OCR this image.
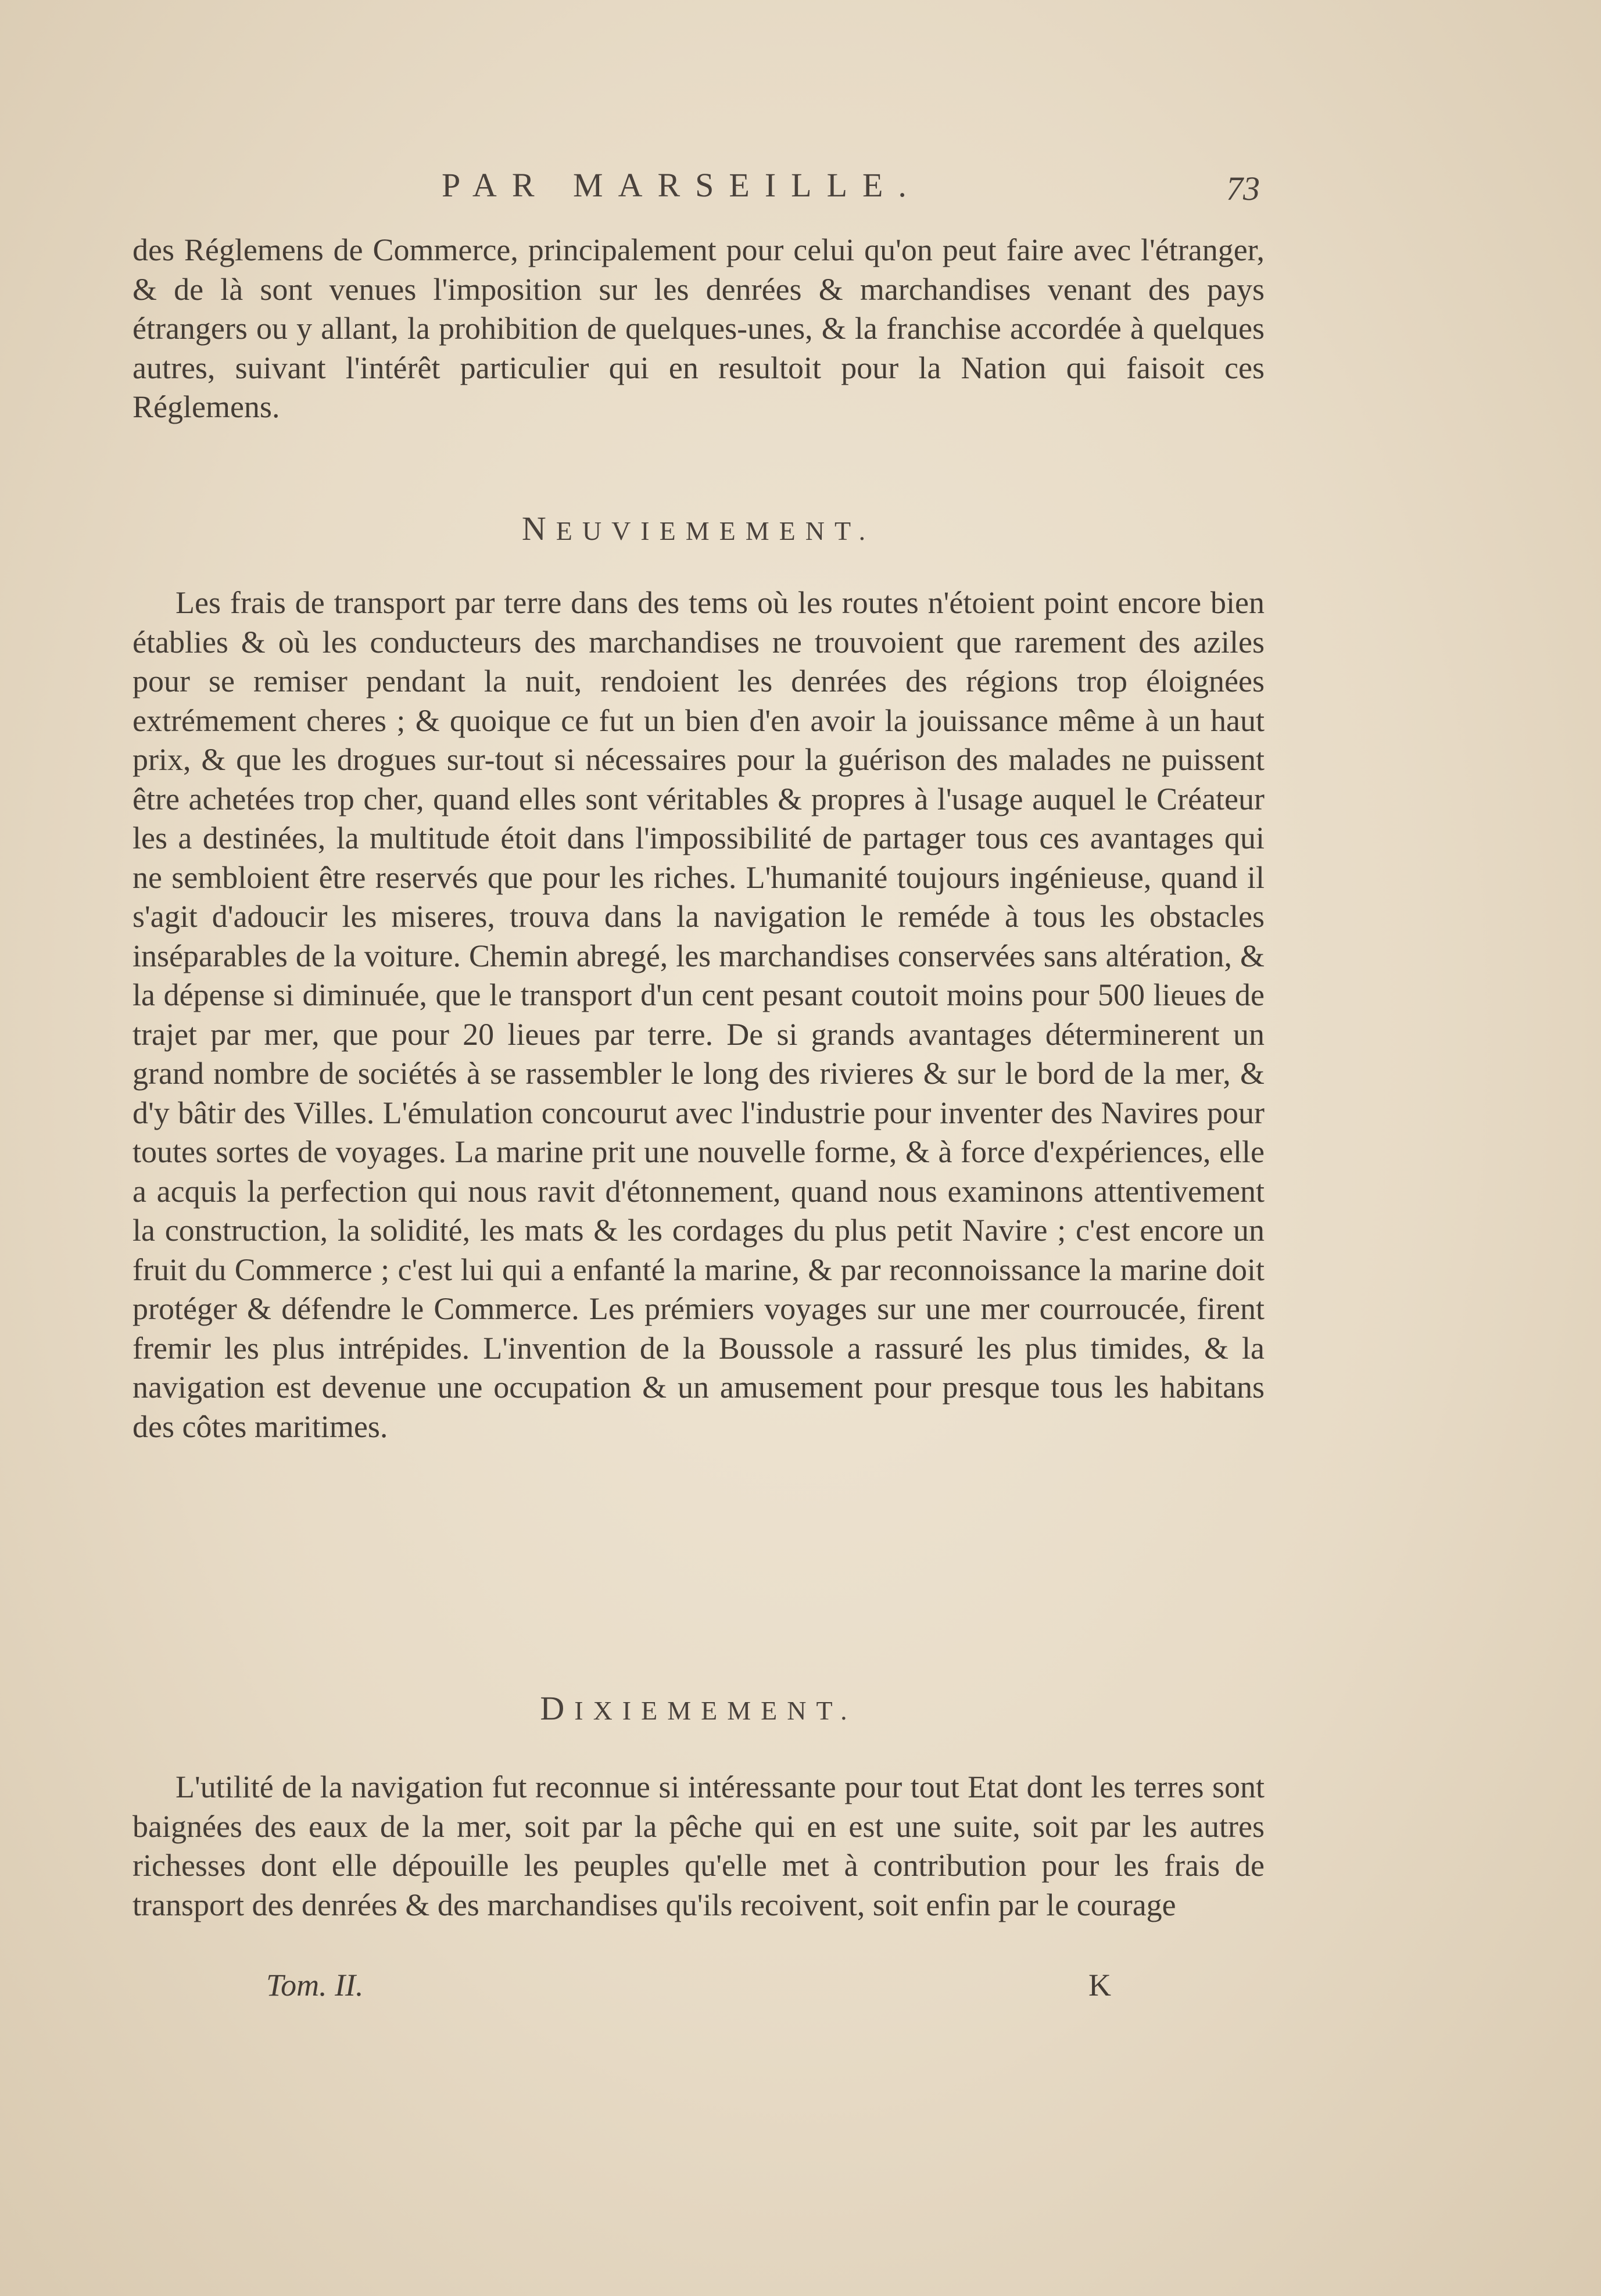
PAR MARSEILLE.	73

des Réglemens de Commerce, principalement pour celui qu'on peut faire avec l'étranger, & de là sont venues l'imposition sur les denrées & marchandises venant des pays étrangers ou y allant, la prohibition de quelques-unes, & la franchise accordée à quelques autres, suivant l'intérêt particulier qui en resultoit pour la Nation qui faisoit ces Réglemens.

NEUVIEMEMENT.

Les frais de transport par terre dans des tems où les routes n'étoient point encore bien établies & où les conducteurs des marchandises ne trouvoient que rarement des aziles pour se remiser pendant la nuit, rendoient les denrées des régions trop éloignées extrémement cheres ; & quoique ce fut un bien d'en avoir la jouissance même à un haut prix, & que les drogues sur-tout si nécessaires pour la guérison des malades ne puissent être achetées trop cher, quand elles sont véritables & propres à l'usage auquel le Créateur les a destinées, la multitude étoit dans l'impossibilité de partager tous ces avantages qui ne sembloient être reservés que pour les riches. L'humanité toujours ingénieuse, quand il s'agit d'adoucir les miseres, trouva dans la navigation le reméde à tous les obstacles inséparables de la voiture. Chemin abregé, les marchandises conservées sans altération, & la dépense si diminuée, que le transport d'un cent pesant coutoit moins pour 500 lieues de trajet par mer, que pour 20 lieues par terre. De si grands avantages déterminerent un grand nombre de sociétés à se rassembler le long des rivieres & sur le bord de la mer, & d'y bâtir des Villes. L'émulation concourut avec l'industrie pour inventer des Navires pour toutes sortes de voyages. La marine prit une nouvelle forme, & à force d'expériences, elle a acquis la perfection qui nous ravit d'étonnement, quand nous examinons attentivement la construction, la solidité, les mats & les cordages du plus petit Navire ; c'est encore un fruit du Commerce ; c'est lui qui a enfanté la marine, & par reconnoissance la marine doit protéger & défendre le Commerce. Les prémiers voyages sur une mer courroucée, firent fremir les plus intrépides. L'invention de la Boussole a rassuré les plus timides, & la navigation est devenue une occupation & un amusement pour presque tous les habitans des côtes maritimes.

DIXIEMEMENT.

L'utilité de la navigation fut reconnue si intéressante pour tout Etat dont les terres sont baignées des eaux de la mer, soit par la pêche qui en est une suite, soit par les autres richesses dont elle dépouille les peuples qu'elle met à contribution pour les frais de transport des denrées & des marchandises qu'ils recoivent, soit enfin par le courage

Tom. II.	K
